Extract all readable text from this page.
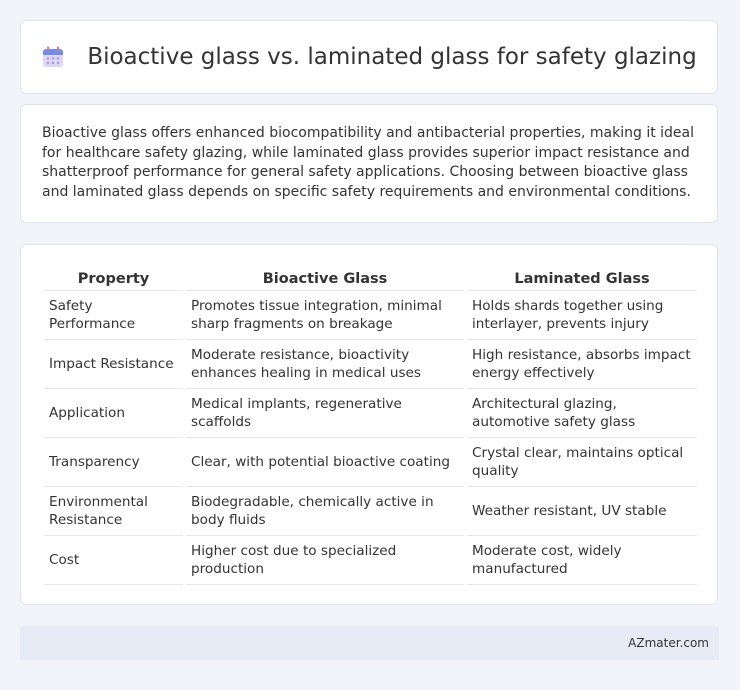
Bioactive glass vs. laminated glass for safety glazing

Bioactive glass offers enhanced biocompatibility and antibacterial properties, making it ideal for healthcare safety glazing, while laminated glass provides superior impact resistance and shatterproof performance for general safety applications. Choosing between bioactive glass and laminated glass depends on specific safety requirements and environmental conditions.

Property	Bioactive Glass	Laminated Glass
Safety Performance	Promotes tissue integration, minimal sharp fragments on breakage	Holds shards together using interlayer, prevents injury
Impact Resistance	Moderate resistance, bioactivity enhances healing in medical uses	High resistance, absorbs impact energy effectively
Application	Medical implants, regenerative scaffolds	Architectural glazing, automotive safety glass
Transparency	Clear, with potential bioactive coating	Crystal clear, maintains optical quality
Environmental Resistance	Biodegradable, chemically active in body fluids	Weather resistant, UV stable
Cost	Higher cost due to specialized production	Moderate cost, widely manufactured
AZmater.com
